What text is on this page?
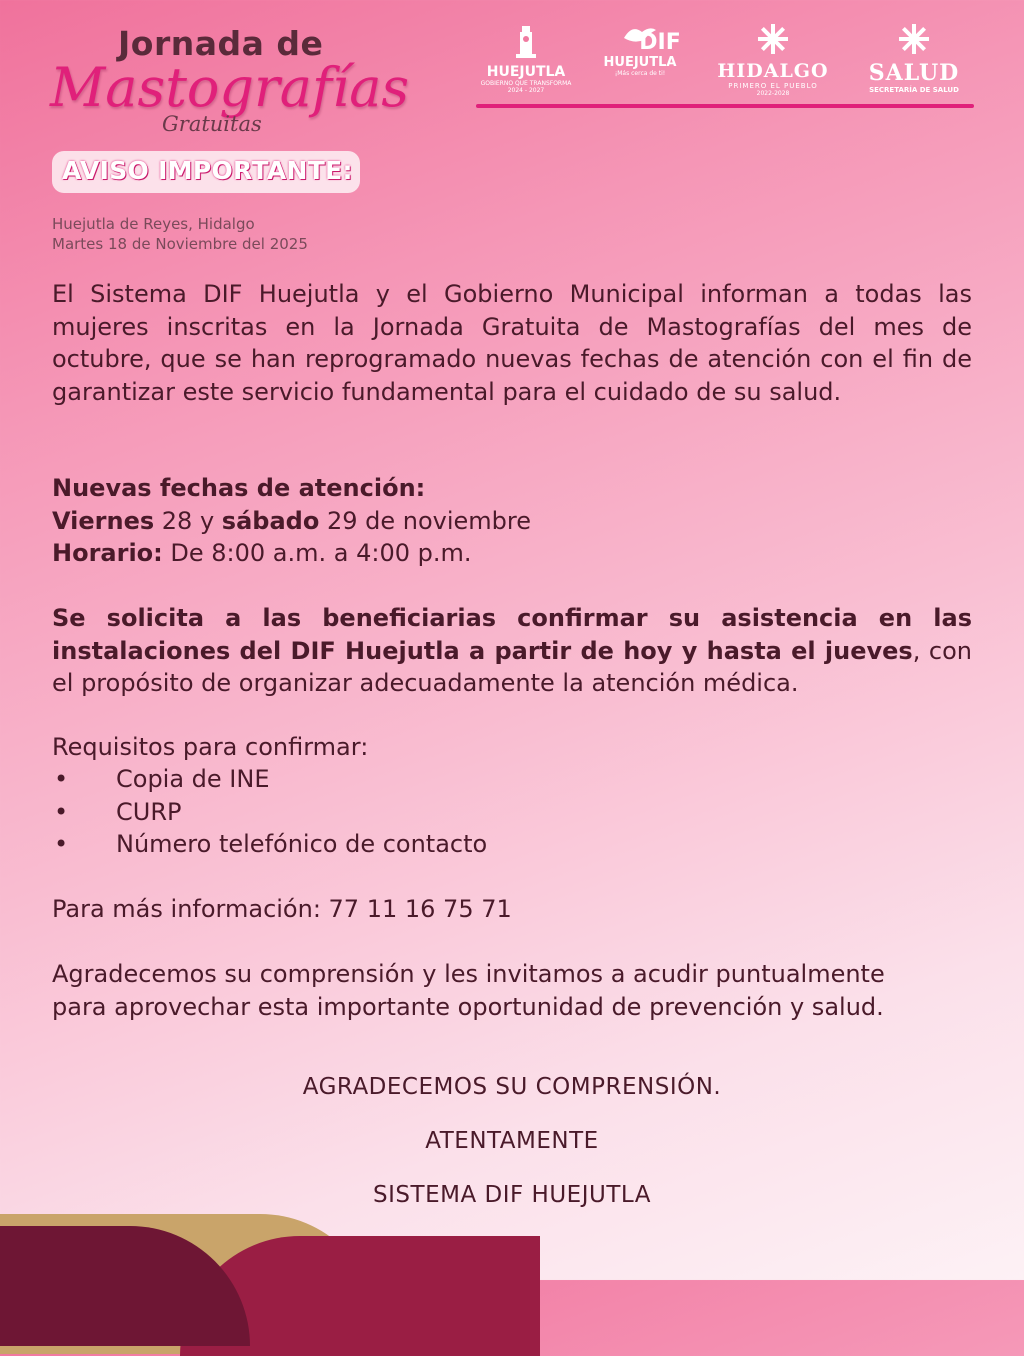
Jornada de
Mastografías
Gratuitas
HUEJUTLA
GOBIERNO QUE TRANSFORMA
2024 - 2027
DIF
HUEJUTLA
¡Más cerca de ti!	HIDALGO
PRIMERO EL PUEBLO
2022-2028
SALUD
SECRETARÍA DE SALUD
AVISO IMPORTANTE:
Huejutla de Reyes, Hidalgo
Martes 18 de Noviembre del 2025
El Sistema DIF Huejutla y el Gobierno Municipal informan a todas las mujeres inscritas en la Jornada Gratuita de Mastografías del mes de octubre, que se han reprogramado nuevas fechas de atención con el fin de garantizar este servicio fundamental para el cuidado de su salud.
Nuevas fechas de atención:
Viernes 28 y sábado 29 de noviembre
Horario: De 8:00 a.m. a 4:00 p.m.
Se solicita a las beneficiarias confirmar su asistencia en las instalaciones del DIF Huejutla a partir de hoy y hasta el jueves, con el propósito de organizar adecuadamente la atención médica.
Requisitos para confirmar:
• Copia de INE
• CURP
• Número telefónico de contacto
Para más información: 77 11 16 75 71
Agradecemos su comprensión y les invitamos a acudir puntualmente para aprovechar esta importante oportunidad de prevención y salud.
AGRADECEMOS SU COMPRENSIÓN.
ATENTAMENTE
SISTEMA DIF HUEJUTLA
